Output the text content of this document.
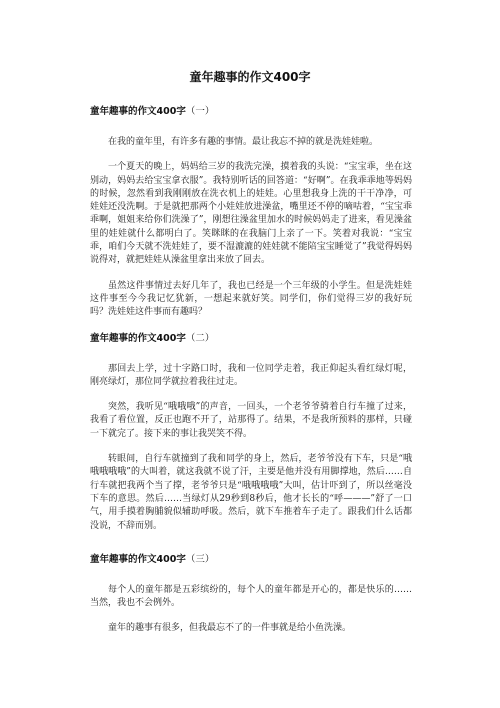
童年趣事的作文400字

童年趣事的作文400字（一）

在我的童年里，有许多有趣的事情。最让我忘不掉的就是洗娃娃啦。

一个夏天的晚上，妈妈给三岁的我洗完澡，摸着我的头说：“宝宝乖，坐在这别动，妈妈去给宝宝拿衣服”。我特别听话的回答道：“好啊”。在我乖乖地等妈妈的时候，忽然看到我刚刚放在洗衣机上的娃娃。心里想我身上洗的干干净净，可娃娃还没洗啊。于是就把那两个小娃娃放进澡盆，嘴里还不停的嘀咕着，“宝宝乖乖啊，姐姐来给你们洗澡了”，刚想往澡盆里加水的时候妈妈走了进来，看见澡盆里的娃娃就什么都明白了。笑眯眯的在我脑门上亲了一下。笑着对我说：“宝宝乖，咱们今天就不洗娃娃了，要不湿漉漉的娃娃就不能陪宝宝睡觉了”我觉得妈妈说得对，就把娃娃从澡盆里拿出来放了回去。

虽然这件事情过去好几年了，我也已经是一个三年级的小学生。但是洗娃娃这件事至今今我记忆犹新，一想起来就好笑。同学们，你们觉得三岁的我好玩吗？洗娃娃这件事而有趣吗？

童年趣事的作文400字（二）

那回去上学，过十字路口时，我和一位同学走着，我正仰起头看红绿灯呢，刚亮绿灯，那位同学就拉着我往过走。

突然，我听见“哦哦哦”的声音，一回头，一个老爷爷骑着自行车撞了过来，我看了看位置，反正也跑不开了，站那得了。结果，不是我所预料的那样，只碰一下就完了。接下来的事让我哭笑不得。

转眼间，自行车就撞到了我和同学的身上，然后，老爷爷没有下车，只是“哦哦哦哦哦”的大叫着，就这我就不说了汗，主要是他并没有用脚撑地，然后……自行车就把我两个当了撑，老爷爷只是“哦哦哦哦”大叫，估计吓到了，所以丝毫没下车的意思。然后……当绿灯从29秒到8秒后，他才长长的“呼———”舒了一口气，用手摸着胸脯貌似辅助呼吸。然后，就下车推着车子走了。跟我们什么话都没说，不辞而别。

童年趣事的作文400字（三）

每个人的童年都是五彩缤纷的，每个人的童年都是开心的，都是快乐的……当然，我也不会例外。

童年的趣事有很多，但我最忘不了的一件事就是给小鱼洗澡。
